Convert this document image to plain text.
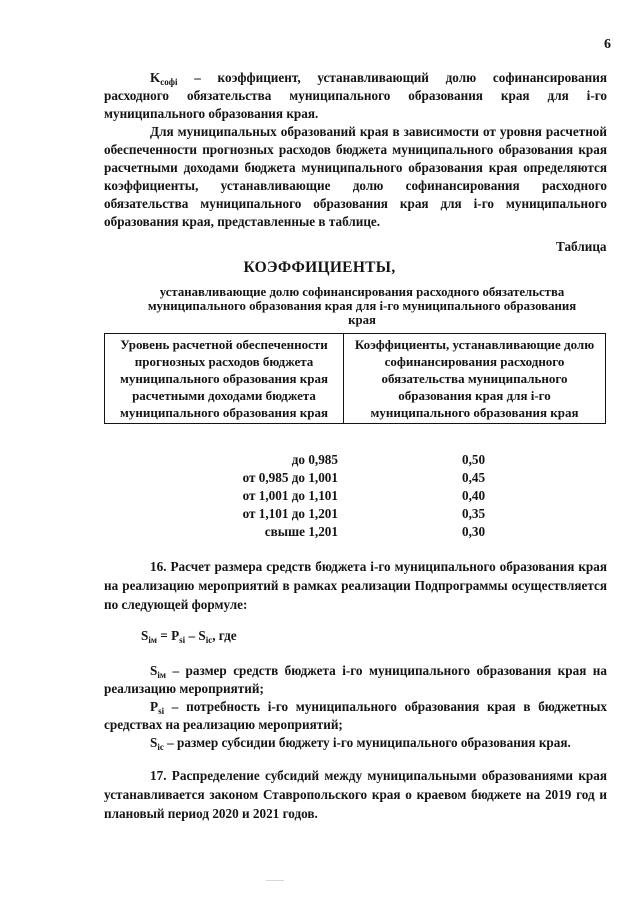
6

$K_{софі}$ – коэффициент, устанавливающий долю софинансирования расходного обязательства муниципального образования края для і-го муниципального образования края.

Для муниципальных образований края в зависимости от уровня расчетной обеспеченности прогнозных расходов бюджета муниципального образования края расчетными доходами бюджета муниципального образования края определяются коэффициенты, устанавливающие долю софинансирования расходного обязательства муниципального образования края для і-го муниципального образования края, представленные в таблице.

Таблица
КОЭФФИЦИЕНТЫ,
устанавливающие долю софинансирования расходного обязательства муниципального образования края для і-го муниципального образования края
Уровень расчетной обеспеченности прогнозных расходов бюджета муниципального образования края расчетными доходами бюджета муниципального образования края	Коэффициенты, устанавливающие долю софинансирования расходного обязательства муниципального образования края для і-го муниципального образования края
до 0,985	0,50
от 0,985 до 1,001	0,45
от 1,001 до 1,101	0,40
от 1,101 до 1,201	0,35
свыше 1,201	0,30

16. Расчет размера средств бюджета і-го муниципального образования края на реализацию мероприятий в рамках реализации Подпрограммы осуществляется по следующей формуле:

$S_{iм} = P_{si} - S_{ic}$, где

$S_{iм}$ – размер средств бюджета і-го муниципального образования края на реализацию мероприятий;

$P_{si}$ – потребность і-го муниципального образования края в бюджетных средствах на реализацию мероприятий;

$S_{ic}$ – размер субсидии бюджету і-го муниципального образования края.

17. Распределение субсидий между муниципальными образованиями края устанавливается законом Ставропольского края о краевом бюджете на 2019 год и плановый период 2020 и 2021 годов.
